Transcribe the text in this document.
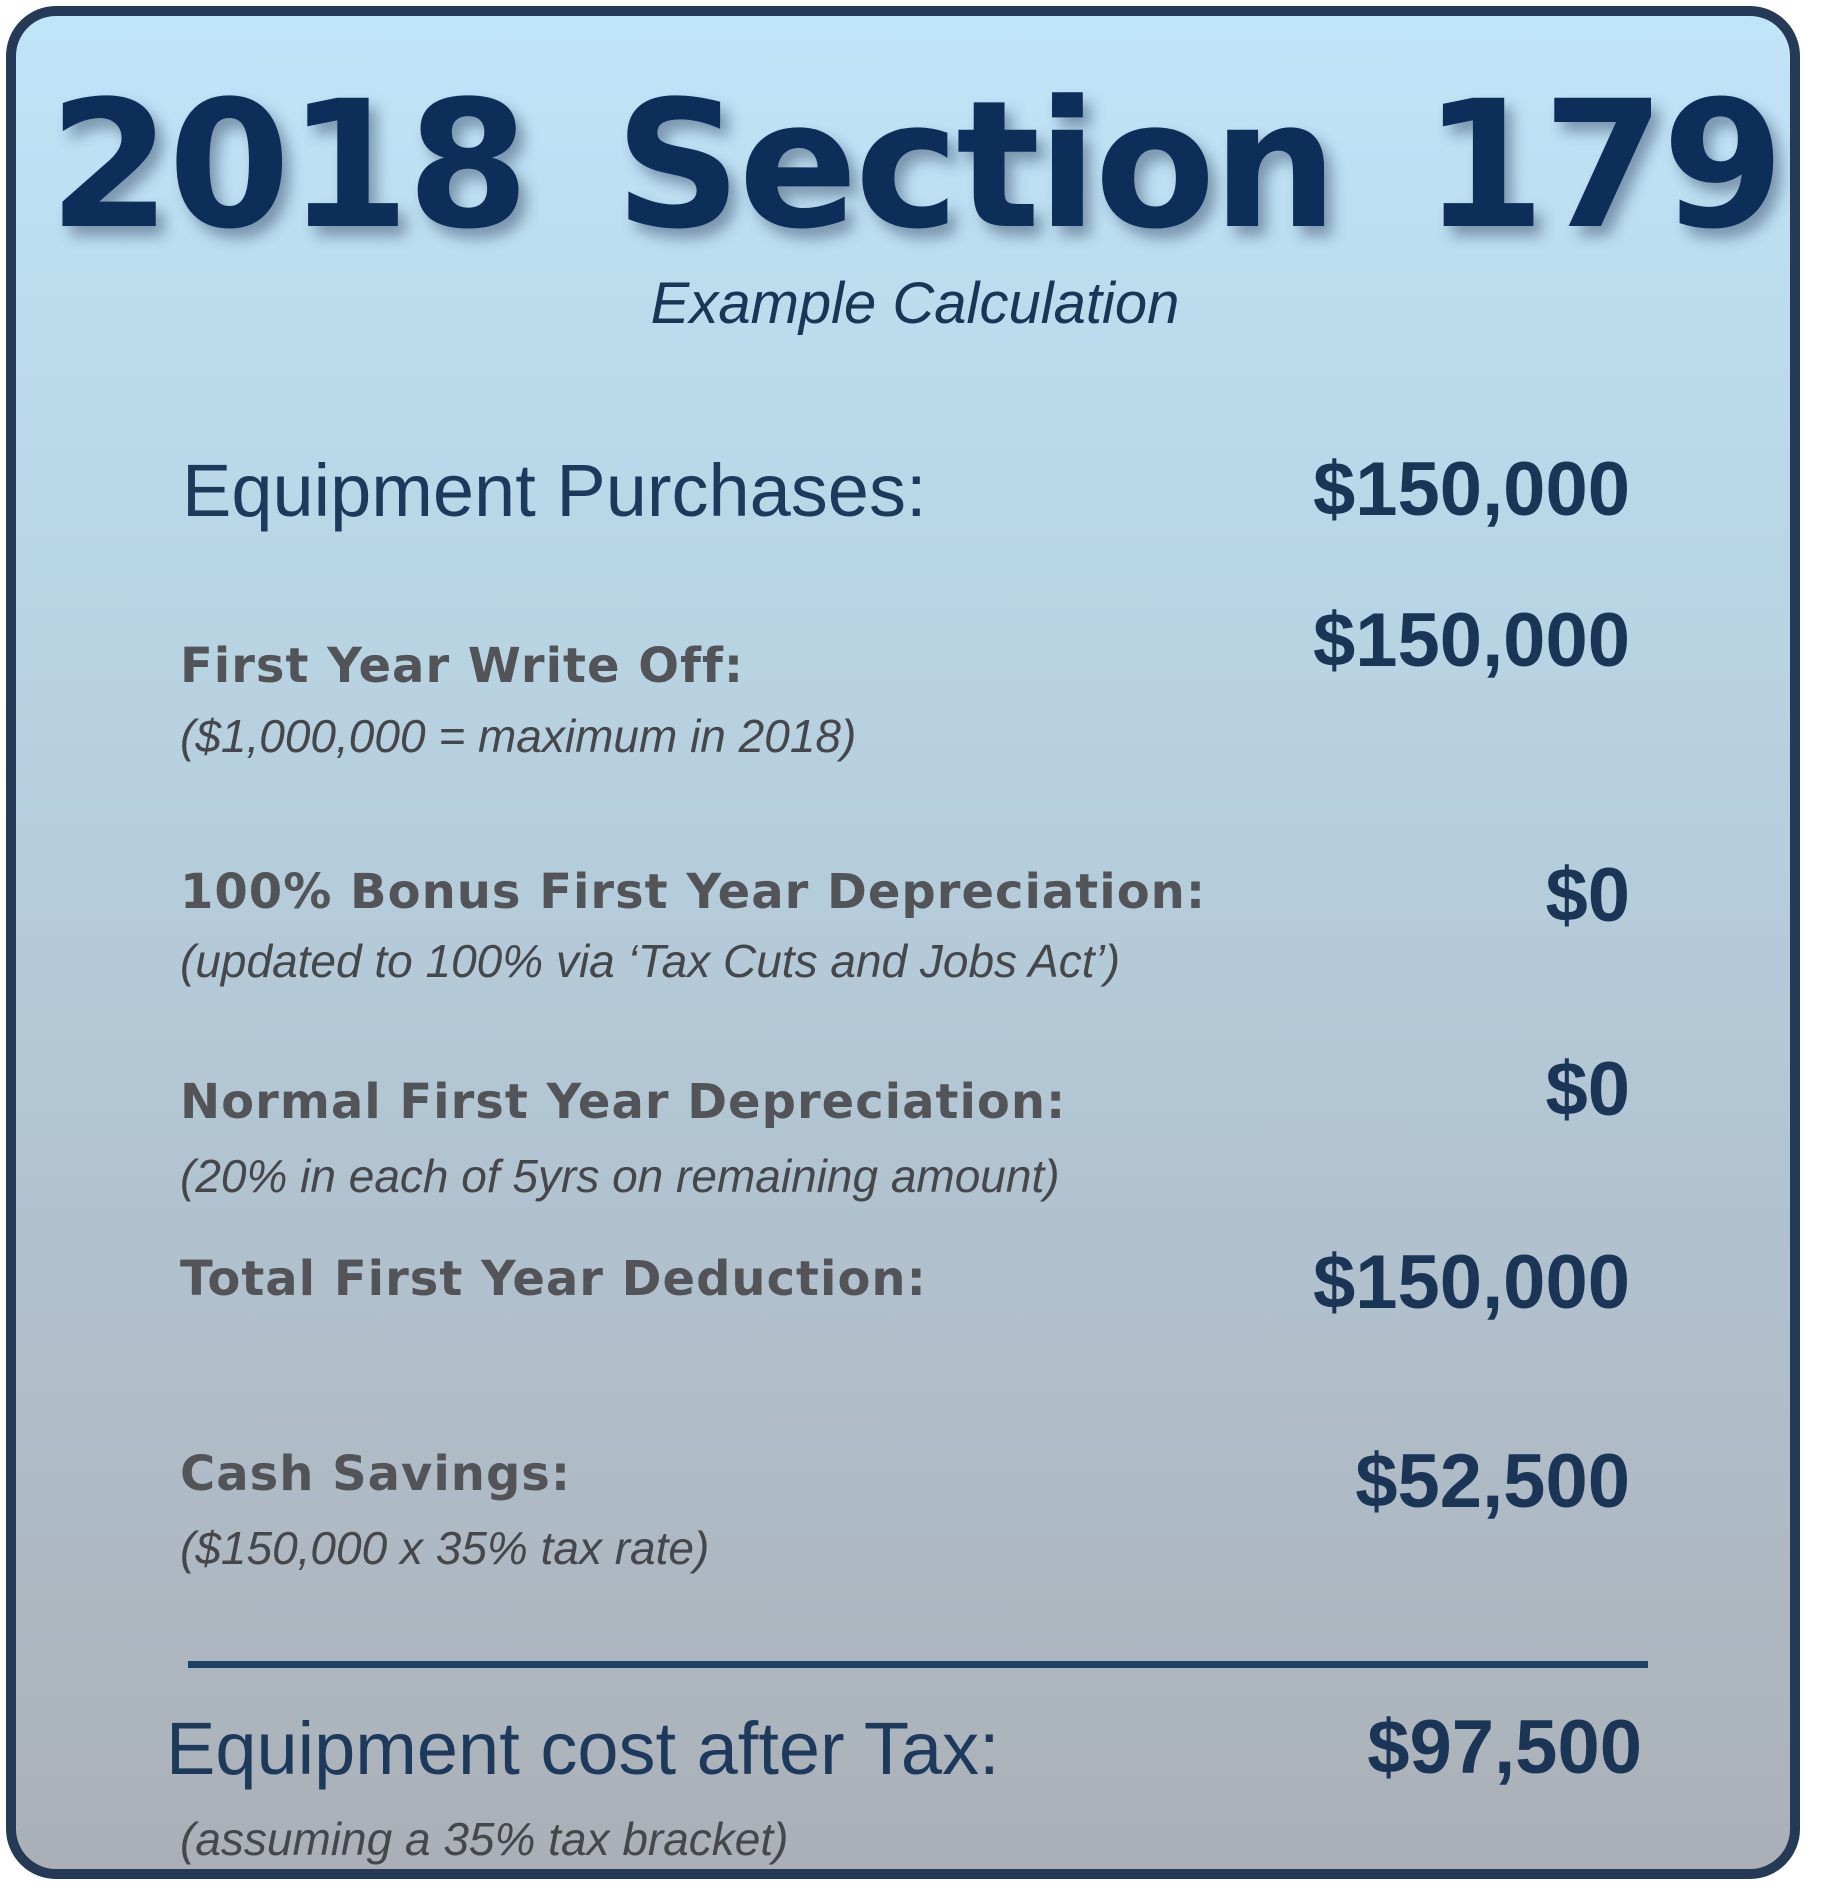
2018 Section 179
Example Calculation
Equipment Purchases:	$150,000
First Year Write Off:
($1,000,000 = maximum in 2018)
$150,000
100% Bonus First Year Depreciation:
(updated to 100% via ‘Tax Cuts and Jobs Act’)
$0
Normal First Year Depreciation:
(20% in each of 5yrs on remaining amount)
$0
Total First Year Deduction:	$150,000
Cash Savings:
($150,000 x 35% tax rate)
$52,500
Equipment cost after Tax:
(assuming a 35% tax bracket)
$97,500
